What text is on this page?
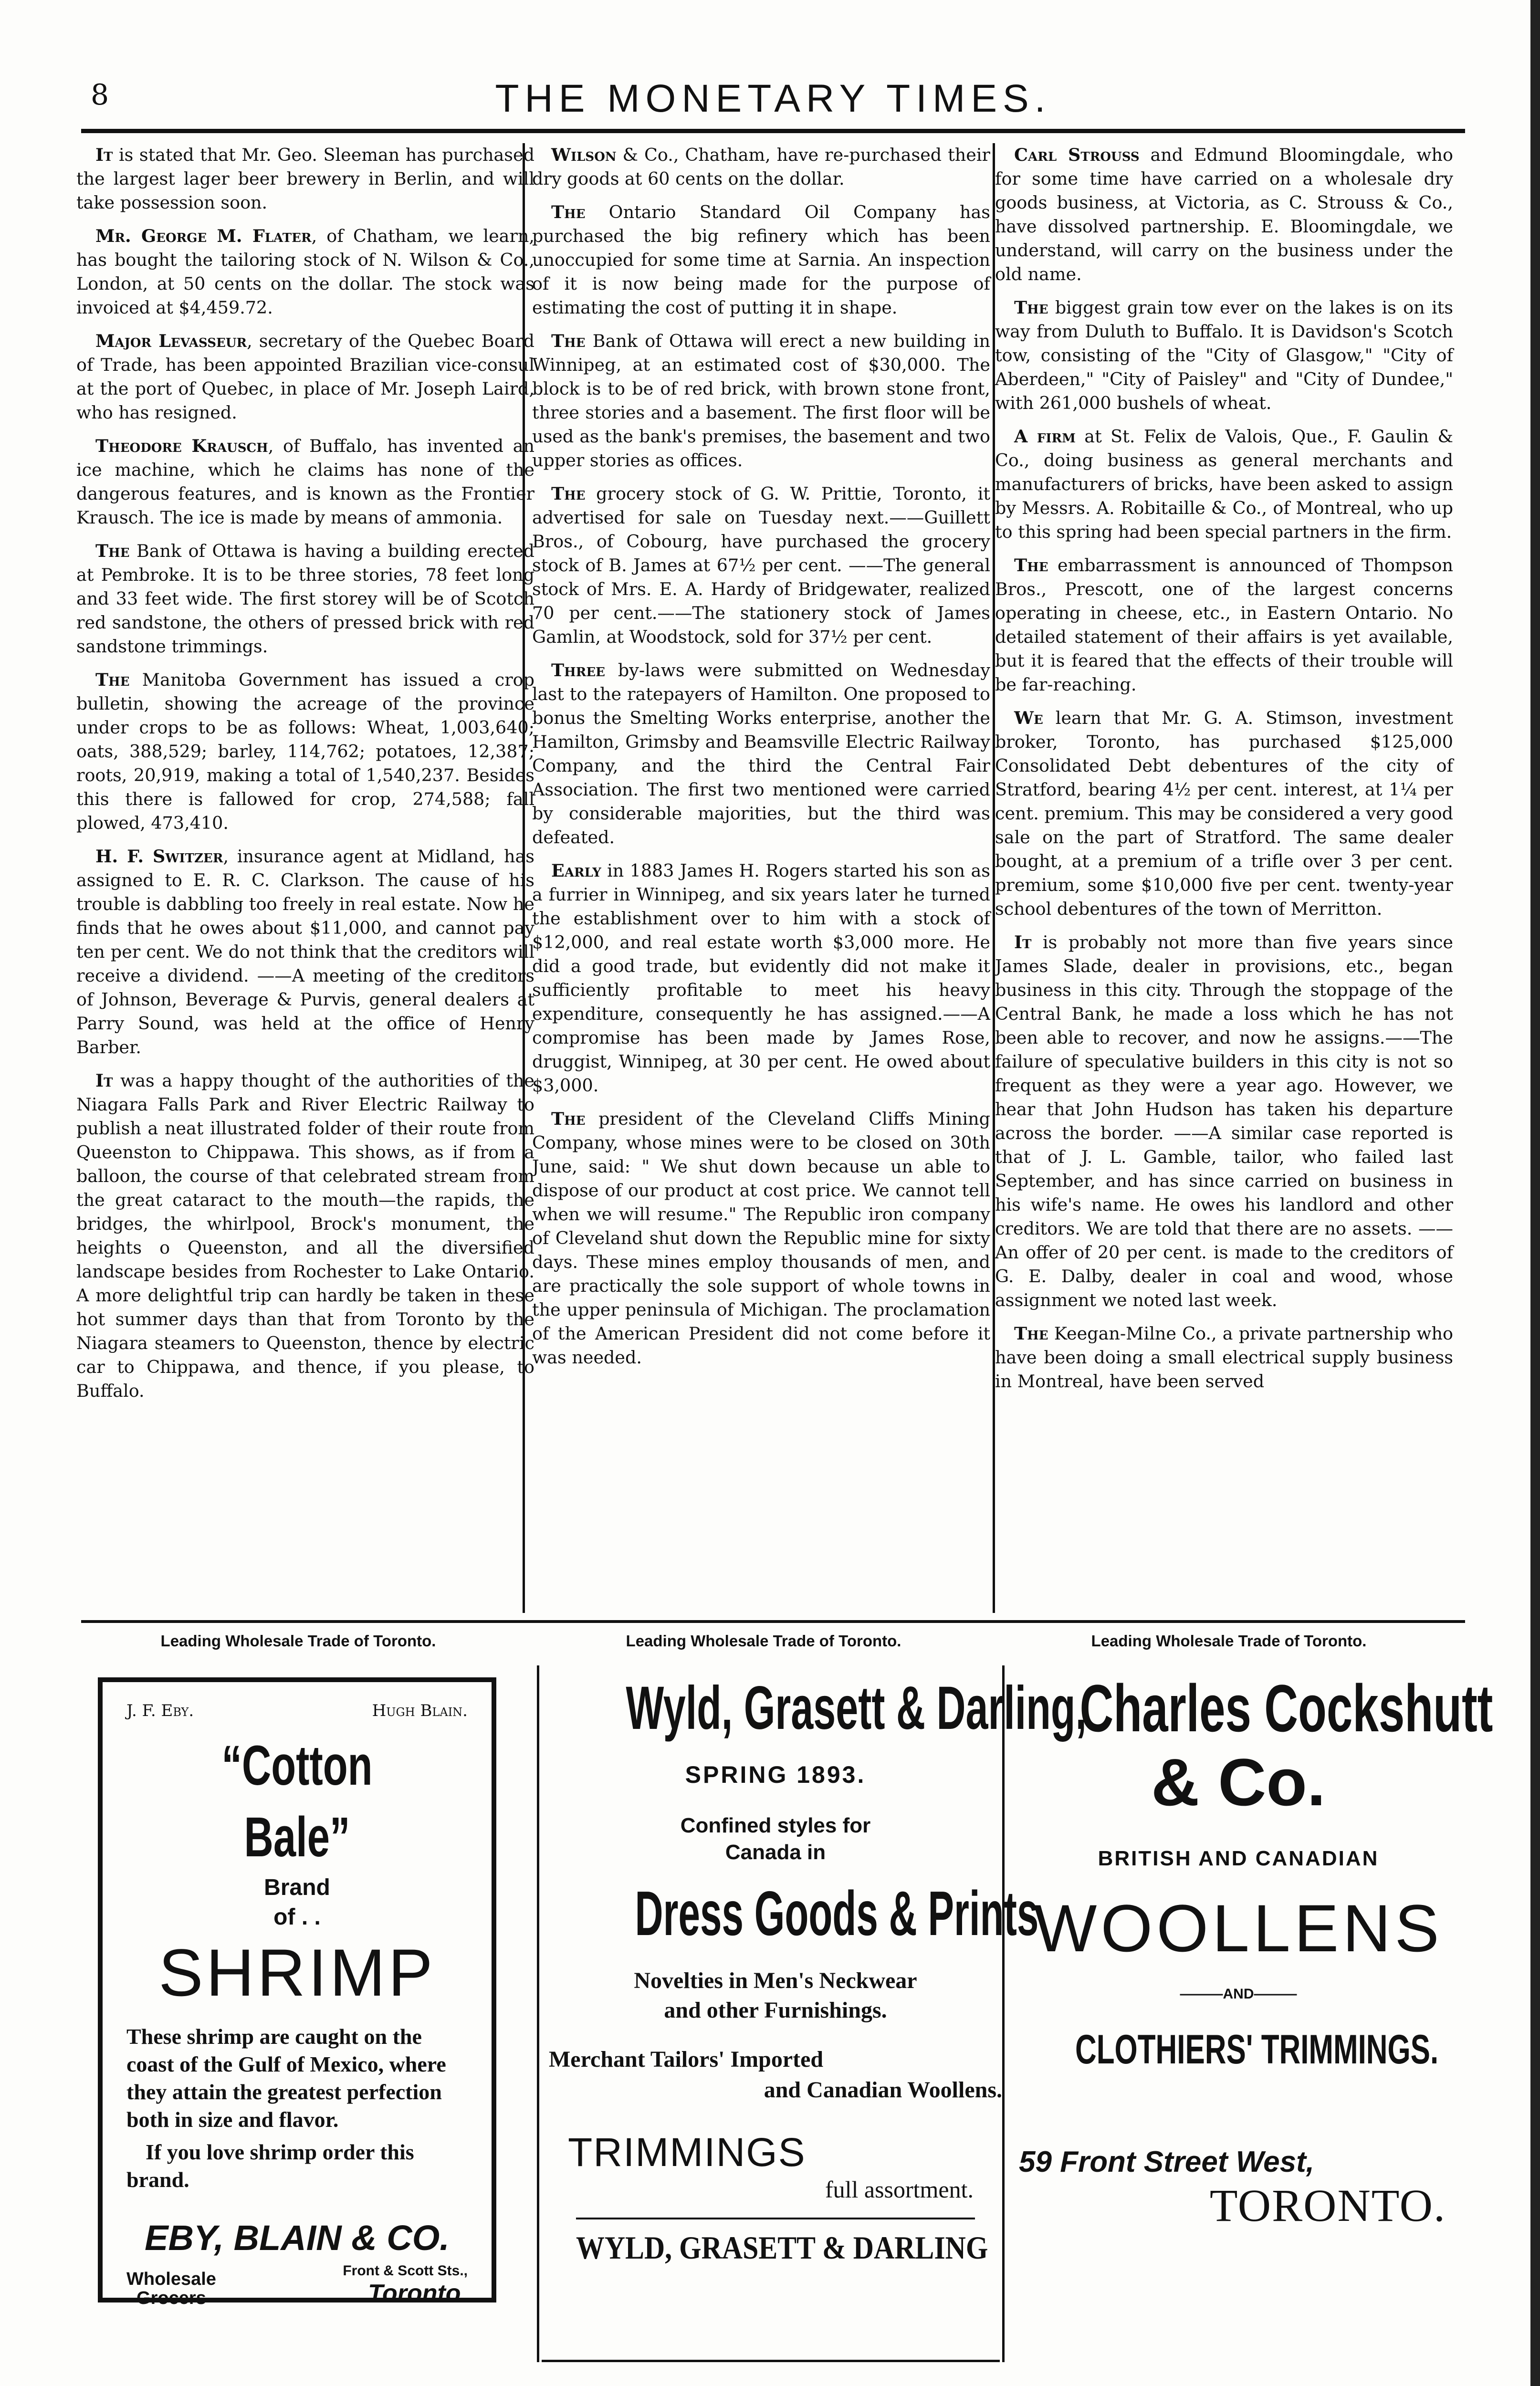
8	THE MONETARY TIMES.

It is stated that Mr. Geo. Sleeman has purchased the largest lager beer brewery in Berlin, and will take possession soon.

Mr. George M. Flater, of Chatham, we learn, has bought the tailoring stock of N. Wilson & Co., London, at 50 cents on the dollar. The stock was invoiced at $4,459.72.

Major Levasseur, secretary of the Quebec Board of Trade, has been appointed Brazilian vice-consul at the port of Quebec, in place of Mr. Joseph Laird, who has resigned.

Theodore Krausch, of Buffalo, has invented an ice machine, which he claims has none of the dangerous features, and is known as the Frontier Krausch. The ice is made by means of ammonia.

The Bank of Ottawa is having a building erected at Pembroke. It is to be three stories, 78 feet long and 33 feet wide. The first storey will be of Scotch red sandstone, the others of pressed brick with red sandstone trimmings.

The Manitoba Government has issued a crop bulletin, showing the acreage of the province under crops to be as follows: Wheat, 1,003,640; oats, 388,529; barley, 114,762; potatoes, 12,387; roots, 20,919, making a total of 1,540,237. Besides this there is fallowed for crop, 274,588; fall plowed, 473,410.

H. F. Switzer, insurance agent at Midland, has assigned to E. R. C. Clarkson. The cause of his trouble is dabbling too freely in real estate. Now he finds that he owes about $11,000, and cannot pay ten per cent. We do not think that the creditors will receive a dividend. ——A meeting of the creditors of Johnson, Beverage & Purvis, general dealers at Parry Sound, was held at the office of Henry Barber.

It was a happy thought of the authorities of the Niagara Falls Park and River Electric Railway to publish a neat illustrated folder of their route from Queenston to Chippawa. This shows, as if from a balloon, the course of that celebrated stream from the great cataract to the mouth—the rapids, the bridges, the whirlpool, Brock's monument, the heights o Queenston, and all the diversified landscape besides from Rochester to Lake Ontario. A more delightful trip can hardly be taken in these hot summer days than that from Toronto by the Niagara steamers to Queenston, thence by electric car to Chippawa, and thence, if you please, to Buffalo.

Wilson & Co., Chatham, have re-purchased their dry goods at 60 cents on the dollar.

The Ontario Standard Oil Company has purchased the big refinery which has been unoccupied for some time at Sarnia. An inspection of it is now being made for the purpose of estimating the cost of putting it in shape.

The Bank of Ottawa will erect a new building in Winnipeg, at an estimated cost of $30,000. The block is to be of red brick, with brown stone front, three stories and a basement. The first floor will be used as the bank's premises, the basement and two upper stories as offices.

The grocery stock of G. W. Prittie, Toronto, it advertised for sale on Tuesday next.——Guillett Bros., of Cobourg, have purchased the grocery stock of B. James at 67½ per cent. ——The general stock of Mrs. E. A. Hardy of Bridgewater, realized 70 per cent.——The stationery stock of James Gamlin, at Woodstock, sold for 37½ per cent.

Three by-laws were submitted on Wednesday last to the ratepayers of Hamilton. One proposed to bonus the Smelting Works enterprise, another the Hamilton, Grimsby and Beamsville Electric Railway Company, and the third the Central Fair Association. The first two mentioned were carried by considerable majorities, but the third was defeated.

Early in 1883 James H. Rogers started his son as a furrier in Winnipeg, and six years later he turned the establishment over to him with a stock of $12,000, and real estate worth $3,000 more. He did a good trade, but evidently did not make it sufficiently profitable to meet his heavy expenditure, consequently he has assigned.——A compromise has been made by James Rose, druggist, Winnipeg, at 30 per cent. He owed about $3,000.

The president of the Cleveland Cliffs Mining Company, whose mines were to be closed on 30th June, said: " We shut down because un able to dispose of our product at cost price. We cannot tell when we will resume." The Republic iron company of Cleveland shut down the Republic mine for sixty days. These mines employ thousands of men, and are practically the sole support of whole towns in the upper peninsula of Michigan. The proclamation of the American President did not come before it was needed.

Carl Strouss and Edmund Bloomingdale, who for some time have carried on a wholesale dry goods business, at Victoria, as C. Strouss & Co., have dissolved partnership. E. Bloomingdale, we understand, will carry on the business under the old name.

The biggest grain tow ever on the lakes is on its way from Duluth to Buffalo. It is Davidson's Scotch tow, consisting of the "City of Glasgow," "City of Aberdeen," "City of Paisley" and "City of Dundee," with 261,000 bushels of wheat.

A firm at St. Felix de Valois, Que., F. Gaulin & Co., doing business as general merchants and manufacturers of bricks, have been asked to assign by Messrs. A. Robitaille & Co., of Montreal, who up to this spring had been special partners in the firm.

The embarrassment is announced of Thompson Bros., Prescott, one of the largest concerns operating in cheese, etc., in Eastern Ontario. No detailed statement of their affairs is yet available, but it is feared that the effects of their trouble will be far-reaching.

We learn that Mr. G. A. Stimson, investment broker, Toronto, has purchased $125,000 Consolidated Debt debentures of the city of Stratford, bearing 4½ per cent. interest, at 1¼ per cent. premium. This may be considered a very good sale on the part of Stratford. The same dealer bought, at a premium of a trifle over 3 per cent. premium, some $10,000 five per cent. twenty-year school debentures of the town of Merritton.

It is probably not more than five years since James Slade, dealer in provisions, etc., began business in this city. Through the stoppage of the Central Bank, he made a loss which he has not been able to recover, and now he assigns.——The failure of speculative builders in this city is not so frequent as they were a year ago. However, we hear that John Hudson has taken his departure across the border. ——A similar case reported is that of J. L. Gamble, tailor, who failed last September, and has since carried on business in his wife's name. He owes his landlord and other creditors. We are told that there are no assets. ——An offer of 20 per cent. is made to the creditors of G. E. Dalby, dealer in coal and wood, whose assignment we noted last week.

The Keegan-Milne Co., a private partnership who have been doing a small electrical supply business in Montreal, have been served

Leading Wholesale Trade of Toronto.	Leading Wholesale Trade of Toronto.	Leading Wholesale Trade of Toronto.
J. F. Eby.	Hugh Blain.
“Cotton Bale”
Brand
of . .
SHRIMP
These shrimp are caught on the coast of the Gulf of Mexico, where they attain the greatest perfection both in size and flavor.
If you love shrimp order this brand.
EBY, BLAIN & CO.
Wholesale
Grocers
Front & Scott Sts.,
Toronto.
Wyld, Grasett & Darling,
SPRING 1893.
Confined styles for
Canada in
Dress Goods & Prints
Novelties in Men's Neckwear
and other Furnishings.
Merchant Tailors' Imported
and Canadian Woollens.
TRIMMINGS
full assortment.
WYLD, GRASETT & DARLING
Charles Cockshutt
& Co.
BRITISH AND CANADIAN
WOOLLENS
———AND———
CLOTHIERS' TRIMMINGS.
59 Front Street West,
TORONTO.
